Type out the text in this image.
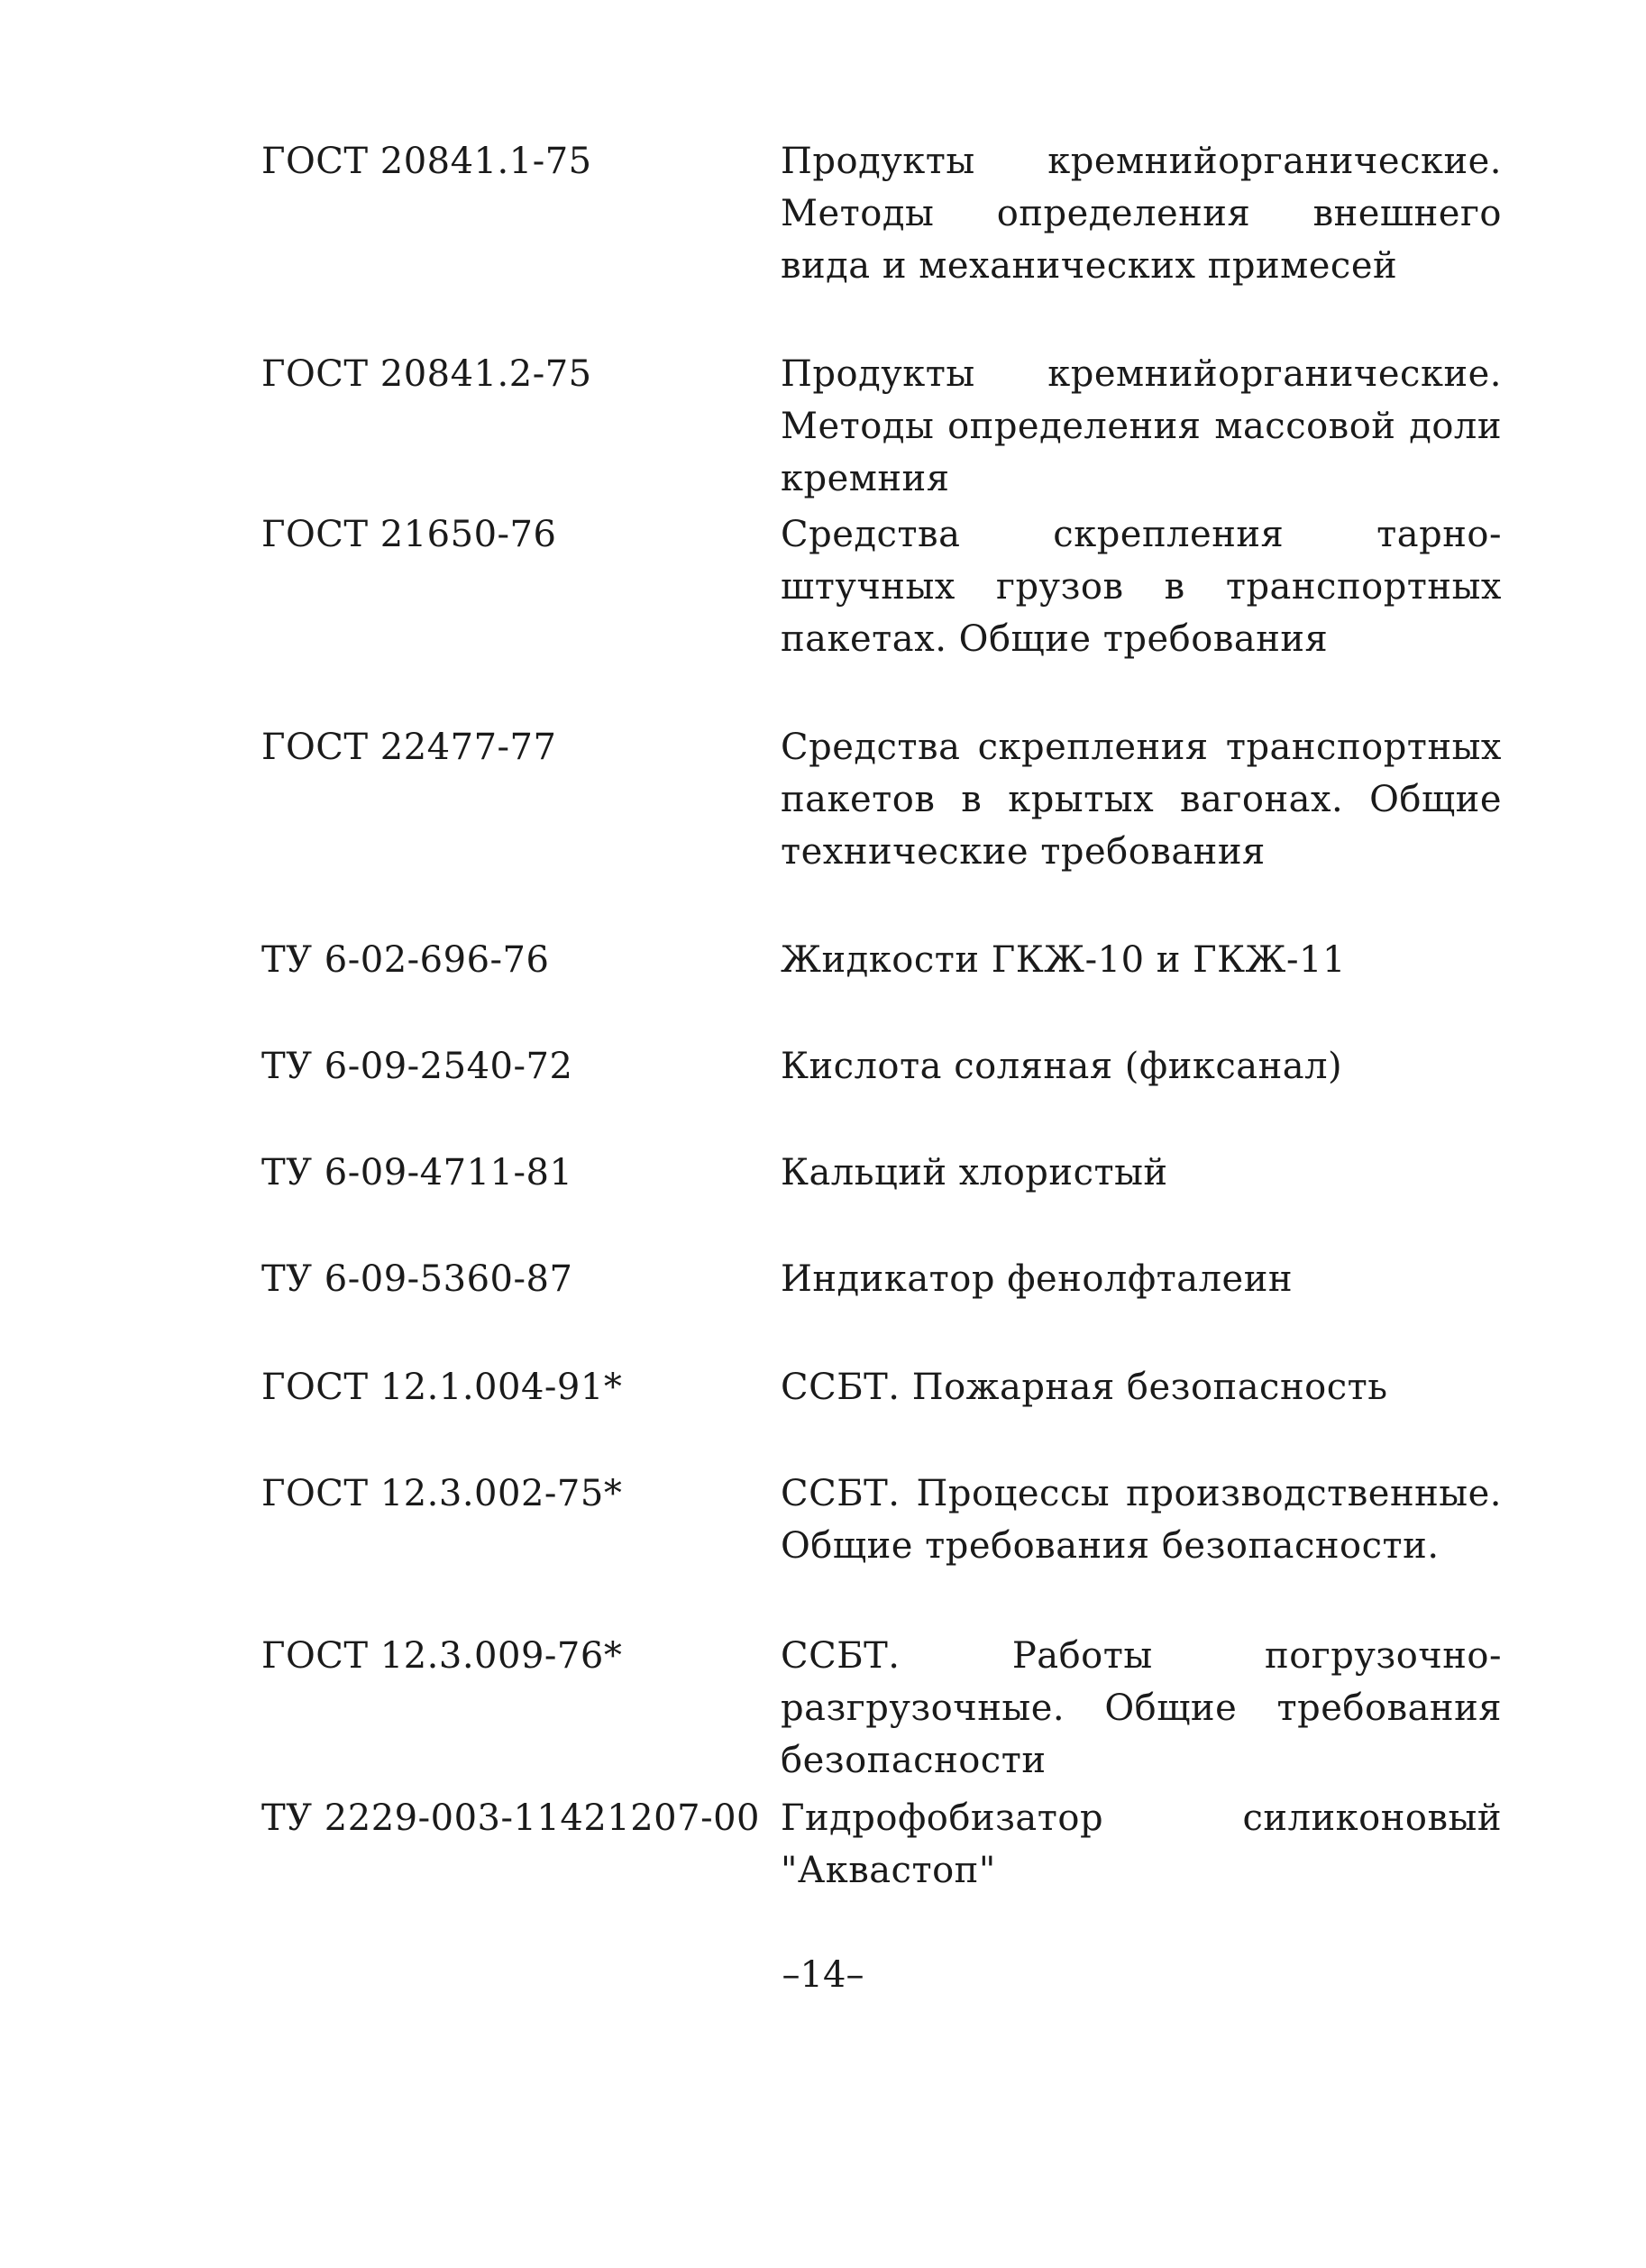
ГОСТ 20841.1-75	Продукты кремнийорганические. Методы определения внешнего вида и механических примесей
ГОСТ 20841.2-75	Продукты кремнийорганические. Методы определения массовой доли кремния
ГОСТ 21650-76	Средства скрепления тарно-штучных грузов в транспортных пакетах. Общие требования
ГОСТ 22477-77	Средства скрепления транспортных пакетов в крытых вагонах. Общие технические требования
ТУ 6-02-696-76	Жидкости ГКЖ-10 и ГКЖ-11
ТУ 6-09-2540-72	Кислота соляная (фиксанал)
ТУ 6-09-4711-81	Кальций хлористый
ТУ 6-09-5360-87	Индикатор фенолфталеин
ГОСТ 12.1.004-91*	ССБТ. Пожарная безопасность
ГОСТ 12.3.002-75*	ССБТ. Процессы производственные. Общие требования безопасности.
ГОСТ 12.3.009-76*	ССБТ. Работы погрузочно-разгрузочные. Общие требования безопасности
ТУ 2229-003-11421207-00 Гидрофобизатор силиконовый "Аквастоп"
–14–
